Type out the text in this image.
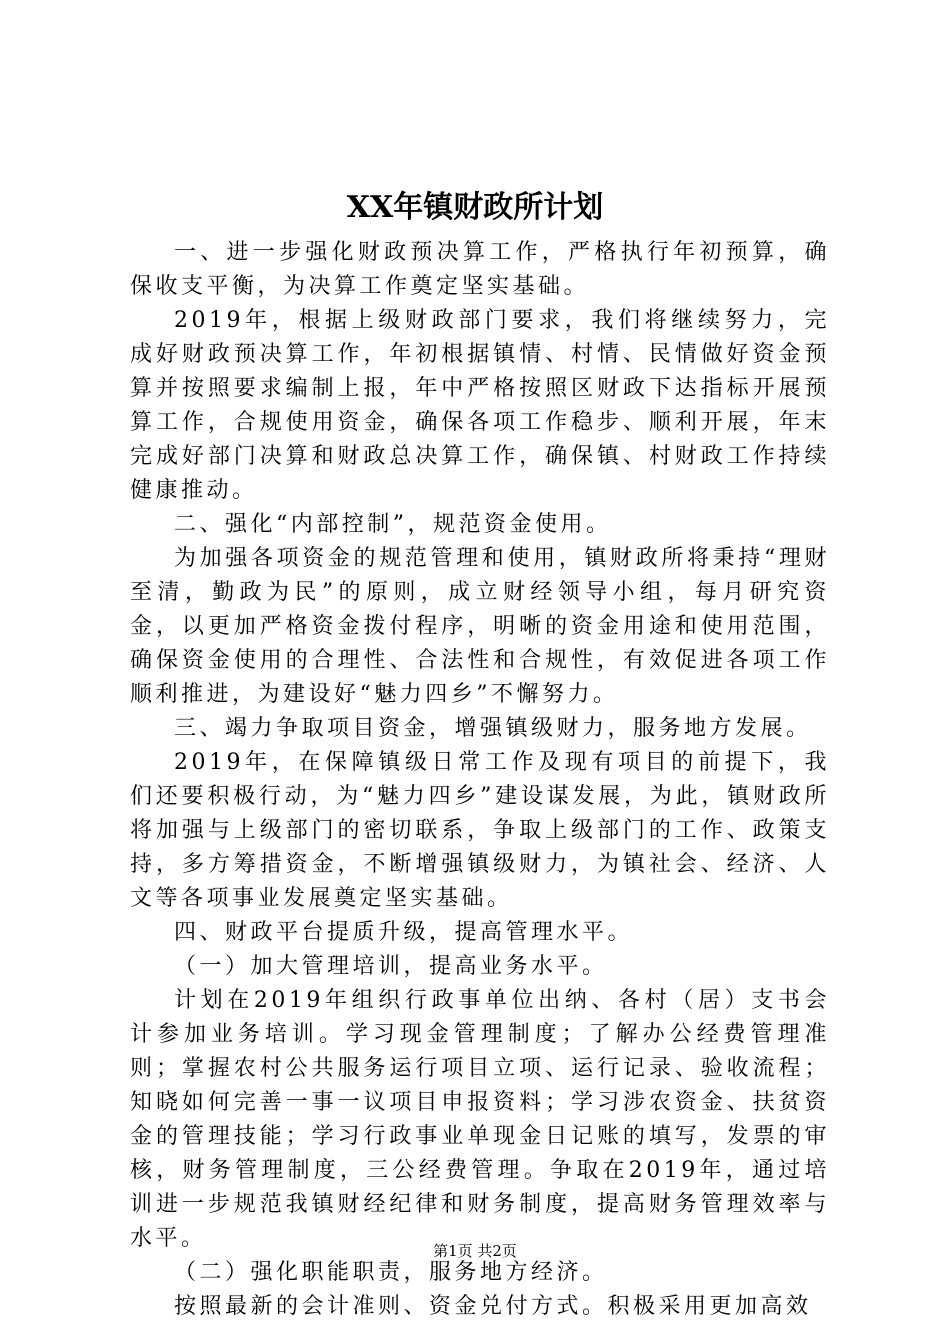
XX年镇财政所计划

一、进一步强化财政预决算工作，严格执行年初预算，确保收支平衡，为决算工作奠定坚实基础。

2019年，根据上级财政部门要求，我们将继续努力，完成好财政预决算工作，年初根据镇情、村情、民情做好资金预算并按照要求编制上报，年中严格按照区财政下达指标开展预算工作，合规使用资金，确保各项工作稳步、顺利开展，年末完成好部门决算和财政总决算工作，确保镇、村财政工作持续健康推动。

二、强化“内部控制”，规范资金使用。

为加强各项资金的规范管理和使用，镇财政所将秉持“理财至清，勤政为民”的原则，成立财经领导小组，每月研究资金，以更加严格资金拨付程序，明晰的资金用途和使用范围，确保资金使用的合理性、合法性和合规性，有效促进各项工作顺利推进，为建设好“魅力四乡”不懈努力。

三、竭力争取项目资金，增强镇级财力，服务地方发展。

2019年，在保障镇级日常工作及现有项目的前提下，我们还要积极行动，为“魅力四乡”建设谋发展，为此，镇财政所将加强与上级部门的密切联系，争取上级部门的工作、政策支持，多方筹措资金，不断增强镇级财力，为镇社会、经济、人文等各项事业发展奠定坚实基础。

四、财政平台提质升级，提高管理水平。

（一）加大管理培训，提高业务水平。

计划在2019年组织行政事单位出纳、各村（居）支书会计参加业务培训。学习现金管理制度；了解办公经费管理准则；掌握农村公共服务运行项目立项、运行记录、验收流程；知晓如何完善一事一议项目申报资料；学习涉农资金、扶贫资金的管理技能；学习行政事业单现金日记账的填写，发票的审核，财务管理制度，三公经费管理。争取在2019年，通过培训进一步规范我镇财经纪律和财务制度，提高财务管理效率与水平。

（二）强化职能职责，服务地方经济。

按照最新的会计准则、资金兑付方式。积极采用更加高效

第1页 共2页
